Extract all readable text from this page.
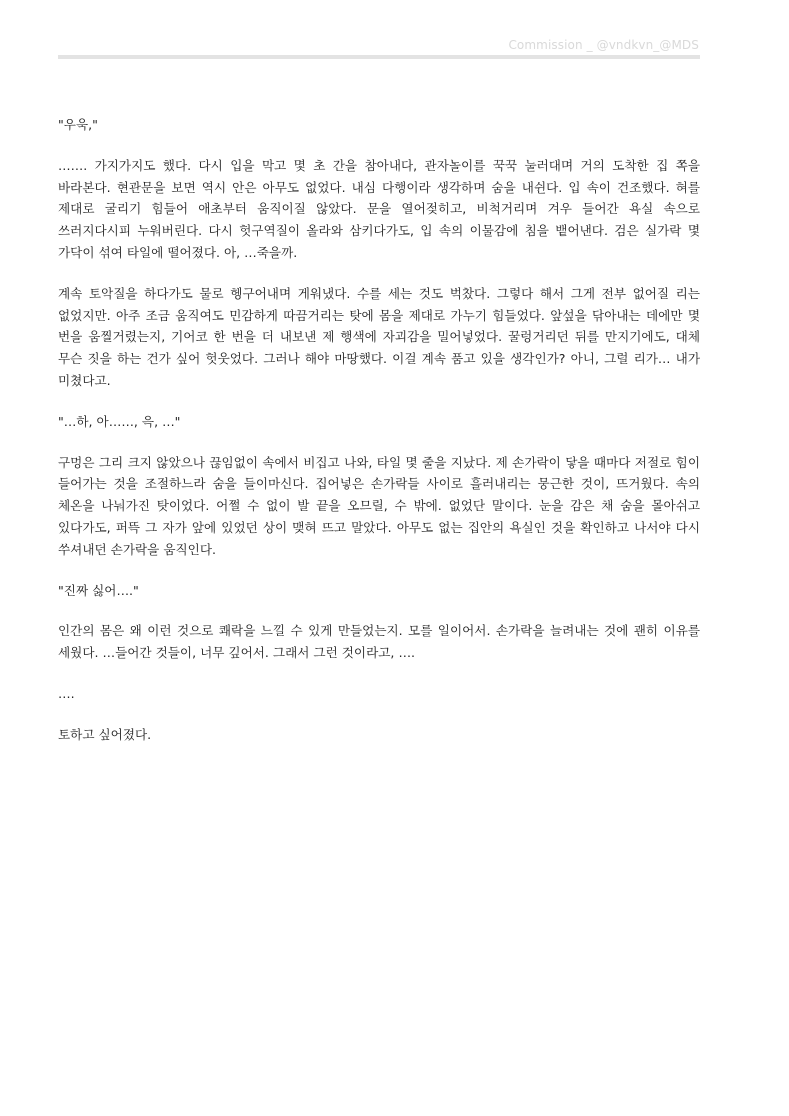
Commission _ @vndkvn_@MDS

"우욱,"

……. 가지가지도 했다. 다시 입을 막고 몇 초 간을 참아내다, 관자놀이를 꾹꾹 눌러대며 거의 도착한 집 쪽을 바라본다. 현관문을 보면 역시 안은 아무도 없었다. 내심 다행이라 생각하며 숨을 내쉰다. 입 속이 건조했다. 혀를 제대로 굴리기 힘들어 애초부터 움직이질 않았다. 문을 열어젖히고, 비척거리며 겨우 들어간 욕실 속으로 쓰러지다시피 누워버린다. 다시 헛구역질이 올라와 삼키다가도, 입 속의 이물감에 침을 뱉어낸다. 검은 실가락 몇 가닥이 섞여 타일에 떨어졌다. 아, …죽을까.

계속 토악질을 하다가도 물로 헹구어내며 게워냈다. 수를 세는 것도 벅찼다. 그렇다 해서 그게 전부 없어질 리는 없었지만. 아주 조금 움직여도 민감하게 따끔거리는 탓에 몸을 제대로 가누기 힘들었다. 앞섶을 닦아내는 데에만 몇 번을 움찔거렸는지, 기어코 한 번을 더 내보낸 제 행색에 자괴감을 밀어넣었다. 꿀렁거리던 뒤를 만지기에도, 대체 무슨 짓을 하는 건가 싶어 헛웃었다. 그러나 해야 마땅했다. 이걸 계속 품고 있을 생각인가? 아니, 그럴 리가… 내가 미쳤다고.

"…하, 아……, 윽, …"

구멍은 그리 크지 않았으나 끊임없이 속에서 비집고 나와, 타일 몇 줄을 지났다. 제 손가락이 닿을 때마다 저절로 힘이 들어가는 것을 조절하느라 숨을 들이마신다. 집어넣은 손가락들 사이로 흘러내리는 뭉근한 것이, 뜨거웠다. 속의 체온을 나눠가진 탓이었다. 어쩔 수 없이 발 끝을 오므릴, 수 밖에. 없었단 말이다. 눈을 감은 채 숨을 몰아쉬고 있다가도, 퍼뜩 그 자가 앞에 있었던 상이 맺혀 뜨고 말았다. 아무도 없는 집안의 욕실인 것을 확인하고 나서야 다시 쑤셔내던 손가락을 움직인다.

"진짜 싫어…."

인간의 몸은 왜 이런 것으로 쾌락을 느낄 수 있게 만들었는지. 모를 일이어서. 손가락을 늘려내는 것에 괜히 이유를 세웠다. …들어간 것들이, 너무 깊어서. 그래서 그런 것이라고, ….

….

토하고 싶어졌다.
